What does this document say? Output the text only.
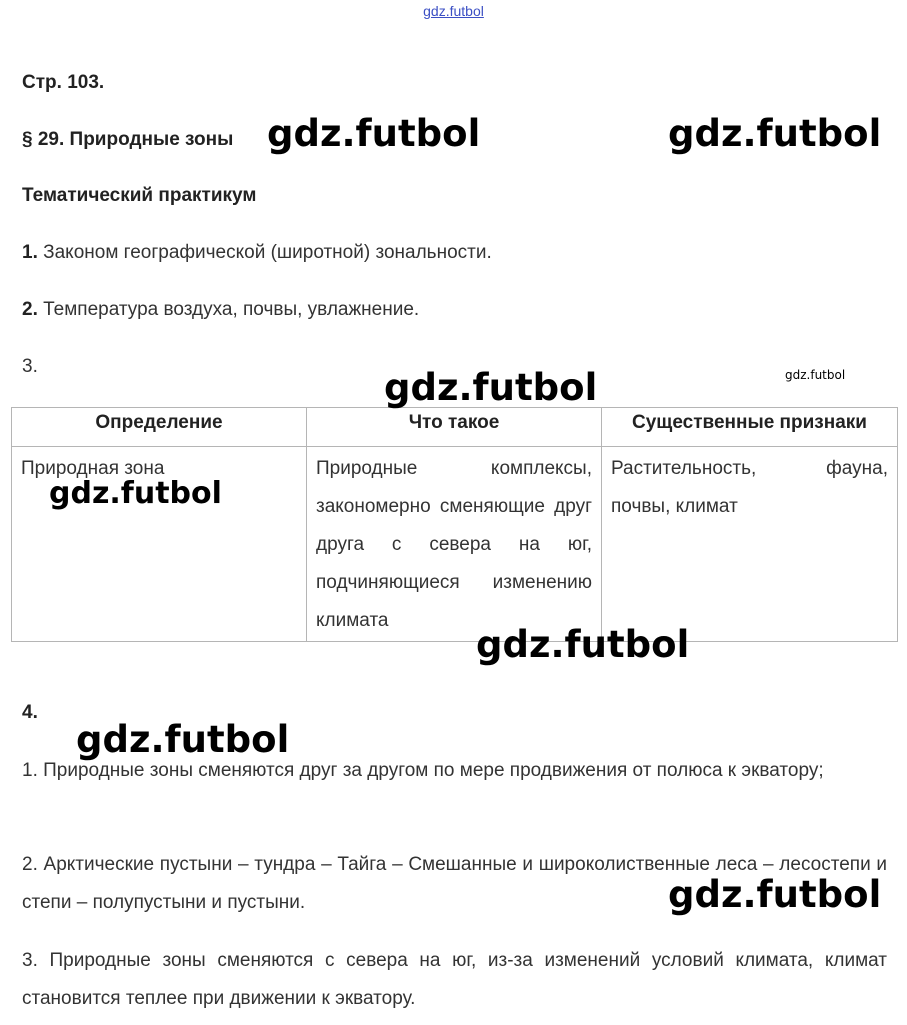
gdz.futbol
Стр. 103.
§ 29. Природные зоны
Тематический практикум
1. Законом географической (широтной) зональности.
2. Температура воздуха, почвы, увлажнение.
3.
Определение	Что такое	Существенные признаки
Природная зона	Природные комплексы, закономерно сменяющие друг друга с севера на юг, подчиняющиеся изменению климата	Растительность, фауна, почвы, климат
4.
1. Природные зоны сменяются друг за другом по мере продвижения от полюса к экватору;
2. Арктические пустыни – тундра – Тайга – Смешанные и широколиственные леса – лесостепи и степи – полупустыни и пустыни.
3. Природные зоны сменяются с севера на юг, из-за изменений условий климата, климат становится теплее при движении к экватору.
gdz.futbol	gdz.futbol
gdz.futbol	gdz.futbol
gdz.futbol
gdz.futbol
gdz.futbol
gdz.futbol
